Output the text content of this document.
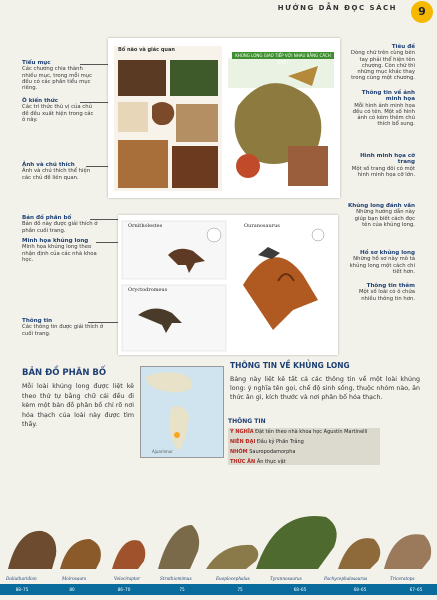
HƯỚNG DẪN ĐỌC SÁCH	9
Tiểu mục
Các chương chia thành nhiều mục, trong mỗi mục đều có các phần tiểu mục riêng.
Ô kiến thức
Các tri thức thú vị của chủ đề đều xuất hiện trong các ô này.
Ảnh và chú thích
Ảnh và chú thích thể hiện các chủ đề liên quan.
Bản đồ phân bố
Bản đồ này được giải thích ở phần cuối trang.
Minh họa khủng long
Minh họa khủng long theo nhận định của các nhà khoa học.
Thông tin
Các thông tin được giải thích ở cuối trang.
Tiêu đề
Dòng chữ trên cùng bên tay phải thể hiện tên chương. Còn chữ thì những mục khác thay trong cùng một chương.
Thông tin về ảnh minh họa
Mỗi hình ảnh minh họa đều có tên. Một số hình ảnh có kèm thêm chú thích bổ sung.
Hình minh họa cỡ trang
Một số trang đôi có một hình minh họa cỡ lớn.
Khủng long đánh vần
Những hướng dẫn này giúp bạn biết cách đọc tên của khủng long.
Hồ sơ khủng long
Những hồ sơ này mô tả khủng long một cách chi tiết hơn.
Thông tin thêm
Một số loài có ô chứa nhiều thông tin hơn.
Bổ não và giác quan
KHỦNG LONG GIAO TIẾP VỚI NHAU BẰNG CÁCH NÀO?
Ornitholestes	Ouranosaurus
Oryctodromeus
BẢN ĐỒ PHÂN BỐ
Mỗi loài khủng long được liệt kê theo thứ tự bằng chữ cái đều đi kèm một bản đồ phân bố chỉ rõ nơi hóa thạch của loài này được tìm thấy.
Ajuarinnur
THÔNG TIN VỀ KHỦNG LONG
Bảng này liệt kê tất cả các thông tin về một loài khủng long: ý nghĩa tên gọi, chế độ sinh sống, thuộc nhóm nào, ăn thức ăn gì, kích thước và nơi phân bố hóa thạch.
THÔNG TIN
Ý NGHĨA Đặt tên theo nhà khoa học Agustín Martinelli
NIÊN ĐẠI Đầu kỷ Phấn Trắng
NHÓM Sauropodamorpha
THỨC ĂN Ăn thực vật
Daliutharidion	Moirosaurs	Velociraptor	Struthiomimus	Euoplocephalus	Tyrannosaurus	Pachycephalosaurus	Triceratops
88–75	80	86–70	75	75	68–65	68–65	67–65
